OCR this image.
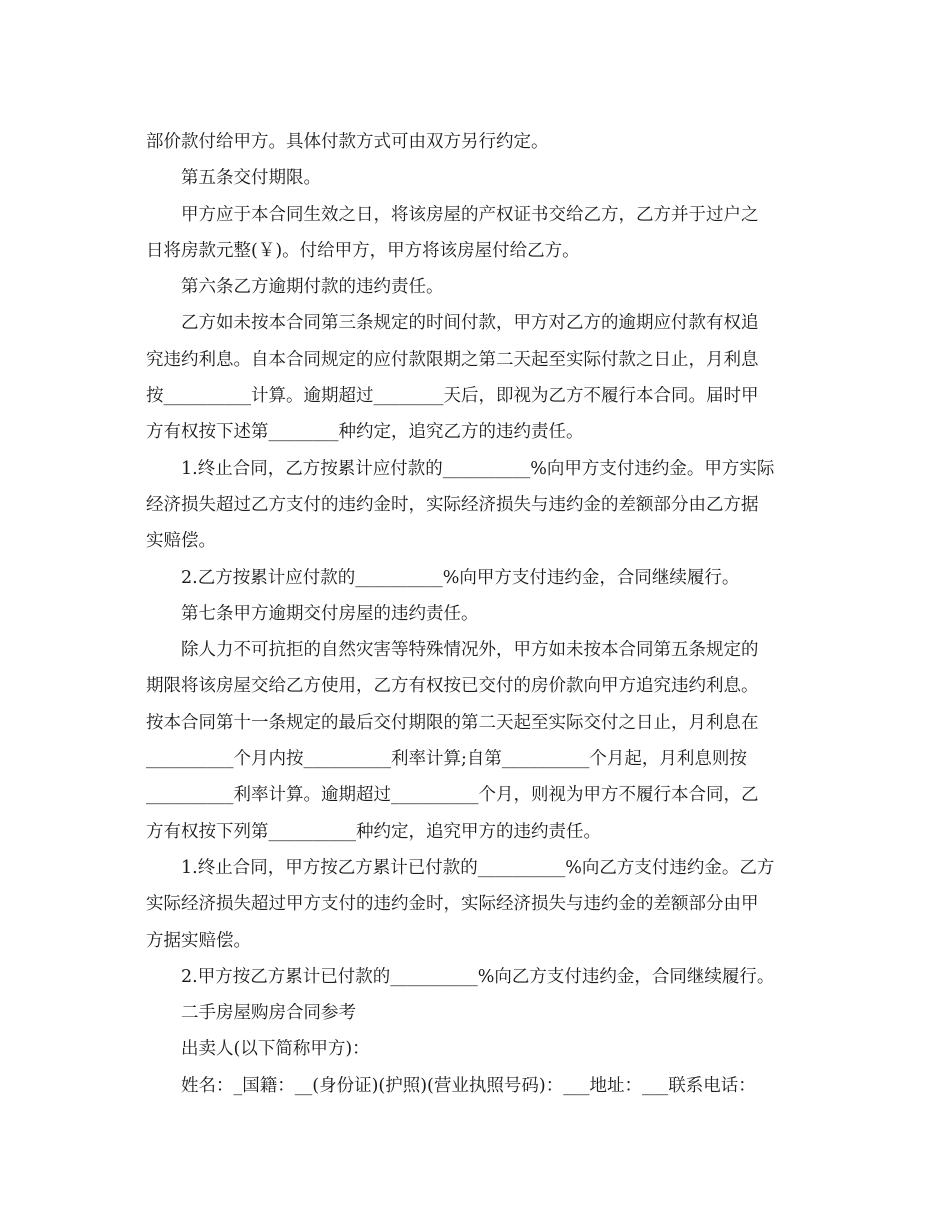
部价款付给甲方。具体付款方式可由双方另行约定。
第五条交付期限。
甲方应于本合同生效之日，将该房屋的产权证书交给乙方，乙方并于过户之
日将房款元整(￥)。付给甲方，甲方将该房屋付给乙方。
第六条乙方逾期付款的违约责任。
乙方如未按本合同第三条规定的时间付款，甲方对乙方的逾期应付款有权追
究违约利息。自本合同规定的应付款限期之第二天起至实际付款之日止，月利息
按__________计算。逾期超过________天后，即视为乙方不履行本合同。届时甲
方有权按下述第________种约定，追究乙方的违约责任。
1.终止合同，乙方按累计应付款的__________%向甲方支付违约金。甲方实际
经济损失超过乙方支付的违约金时，实际经济损失与违约金的差额部分由乙方据
实赔偿。
2.乙方按累计应付款的__________%向甲方支付违约金，合同继续履行。
第七条甲方逾期交付房屋的违约责任。
除人力不可抗拒的自然灾害等特殊情况外，甲方如未按本合同第五条规定的
期限将该房屋交给乙方使用，乙方有权按已交付的房价款向甲方追究违约利息。
按本合同第十一条规定的最后交付期限的第二天起至实际交付之日止，月利息在
__________个月内按__________利率计算;自第__________个月起，月利息则按
__________利率计算。逾期超过__________个月，则视为甲方不履行本合同，乙
方有权按下列第__________种约定，追究甲方的违约责任。
1.终止合同，甲方按乙方累计已付款的__________%向乙方支付违约金。乙方
实际经济损失超过甲方支付的违约金时，实际经济损失与违约金的差额部分由甲
方据实赔偿。
2.甲方按乙方累计已付款的__________%向乙方支付违约金，合同继续履行。
二手房屋购房合同参考
出卖人(以下简称甲方)：
姓名：_国籍：__(身份证)(护照)(营业执照号码)：___地址：___联系电话：
